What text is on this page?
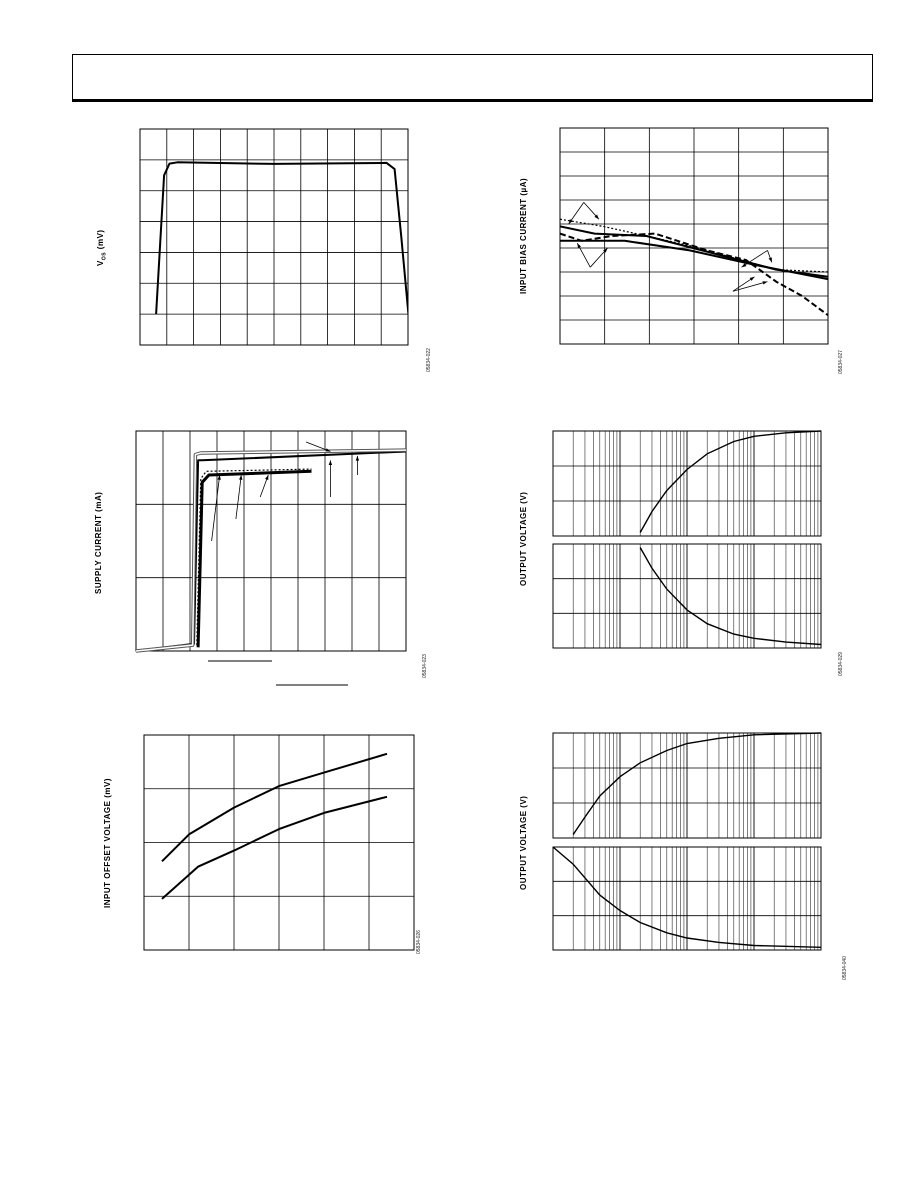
$V_{OS}$ (mV)
05834-022
INPUT BIAS CURRENT (µA)
05834-027
SUPPLY CURRENT (mA)
05834-023
OUTPUT VOLTAGE (V)
05834-029
INPUT OFFSET VOLTAGE (mV)
05834-026
OUTPUT VOLTAGE (V)
05834-040
